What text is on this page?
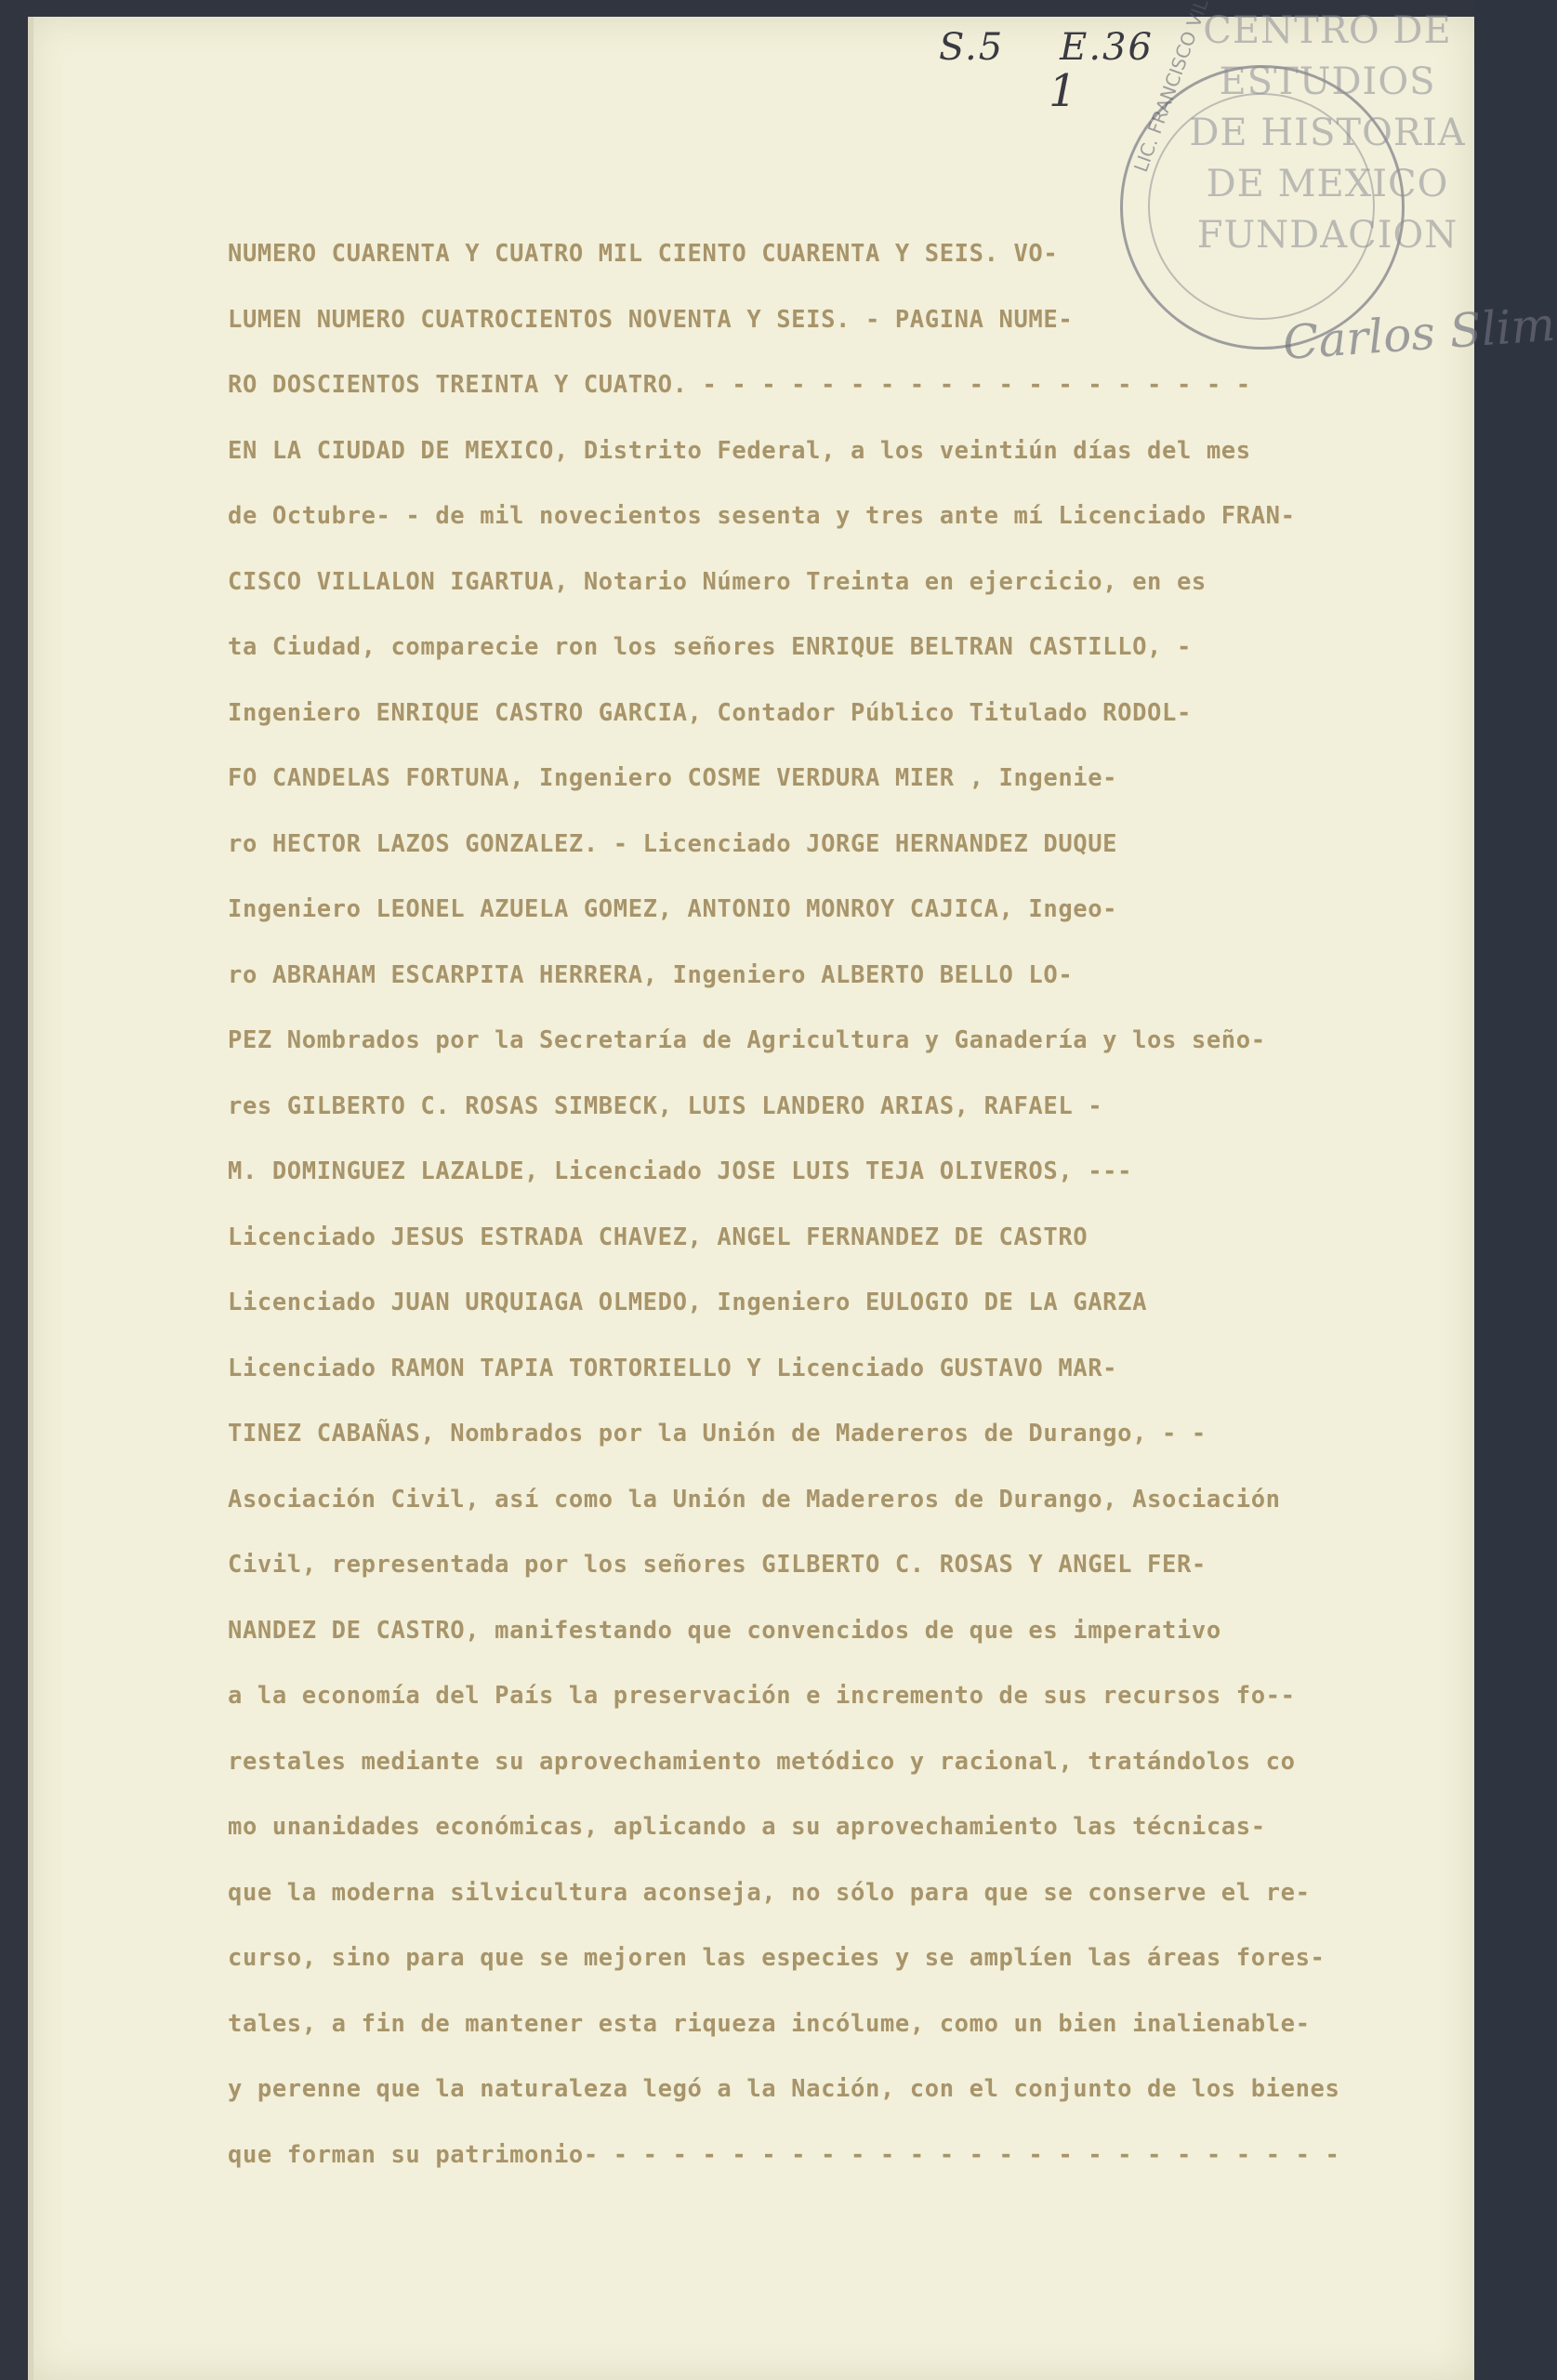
S.5 E.36
1
CENTRO DE
ESTUDIOS
DE HISTORIA
DE MEXICO
FUNDACION
Carlos Slim
NUMERO CUARENTA Y CUATRO MIL CIENTO CUARENTA Y SEIS. VO-
LUMEN NUMERO CUATROCIENTOS NOVENTA Y SEIS. - PAGINA NUME-
RO DOSCIENTOS TREINTA Y CUATRO. - - - - - - - - - - - - - - - - - - -
EN LA CIUDAD DE MEXICO, Distrito Federal, a los veintiún días del mes
de Octubre- - de mil novecientos sesenta y tres ante mí Licenciado FRAN-
CISCO VILLALON IGARTUA, Notario Número Treinta en ejercicio, en es
ta Ciudad, comparecie ron los señores ENRIQUE BELTRAN CASTILLO, -
Ingeniero ENRIQUE CASTRO GARCIA, Contador Público Titulado RODOL-
FO CANDELAS FORTUNA, Ingeniero COSME VERDURA MIER , Ingenie-
ro HECTOR LAZOS GONZALEZ. - Licenciado JORGE HERNANDEZ DUQUE
Ingeniero LEONEL AZUELA GOMEZ, ANTONIO MONROY CAJICA, Ingeo-
ro ABRAHAM ESCARPITA HERRERA, Ingeniero ALBERTO BELLO LO-
PEZ Nombrados por la Secretaría de Agricultura y Ganadería y los seño-
res GILBERTO C. ROSAS SIMBECK, LUIS LANDERO ARIAS, RAFAEL -
M. DOMINGUEZ LAZALDE, Licenciado JOSE LUIS TEJA OLIVEROS, ---
Licenciado JESUS ESTRADA CHAVEZ, ANGEL FERNANDEZ DE CASTRO
Licenciado JUAN URQUIAGA OLMEDO, Ingeniero EULOGIO DE LA GARZA
Licenciado RAMON TAPIA TORTORIELLO Y Licenciado GUSTAVO MAR-
TINEZ CABAÑAS, Nombrados por la Unión de Madereros de Durango, - -
Asociación Civil, así como la Unión de Madereros de Durango, Asociación
Civil, representada por los señores GILBERTO C. ROSAS Y ANGEL FER-
NANDEZ DE CASTRO, manifestando que convencidos de que es imperativo
a la economía del País la preservación e incremento de sus recursos fo--
restales mediante su aprovechamiento metódico y racional, tratándolos co
mo unanidades económicas, aplicando a su aprovechamiento las técnicas-
que la moderna silvicultura aconseja, no sólo para que se conserve el re-
curso, sino para que se mejoren las especies y se amplíen las áreas fores-
tales, a fin de mantener esta riqueza incólume, como un bien inalienable-
y perenne que la naturaleza legó a la Nación, con el conjunto de los bienes
que forman su patrimonio- - - - - - - - - - - - - - - - - - - - - - - - - -
